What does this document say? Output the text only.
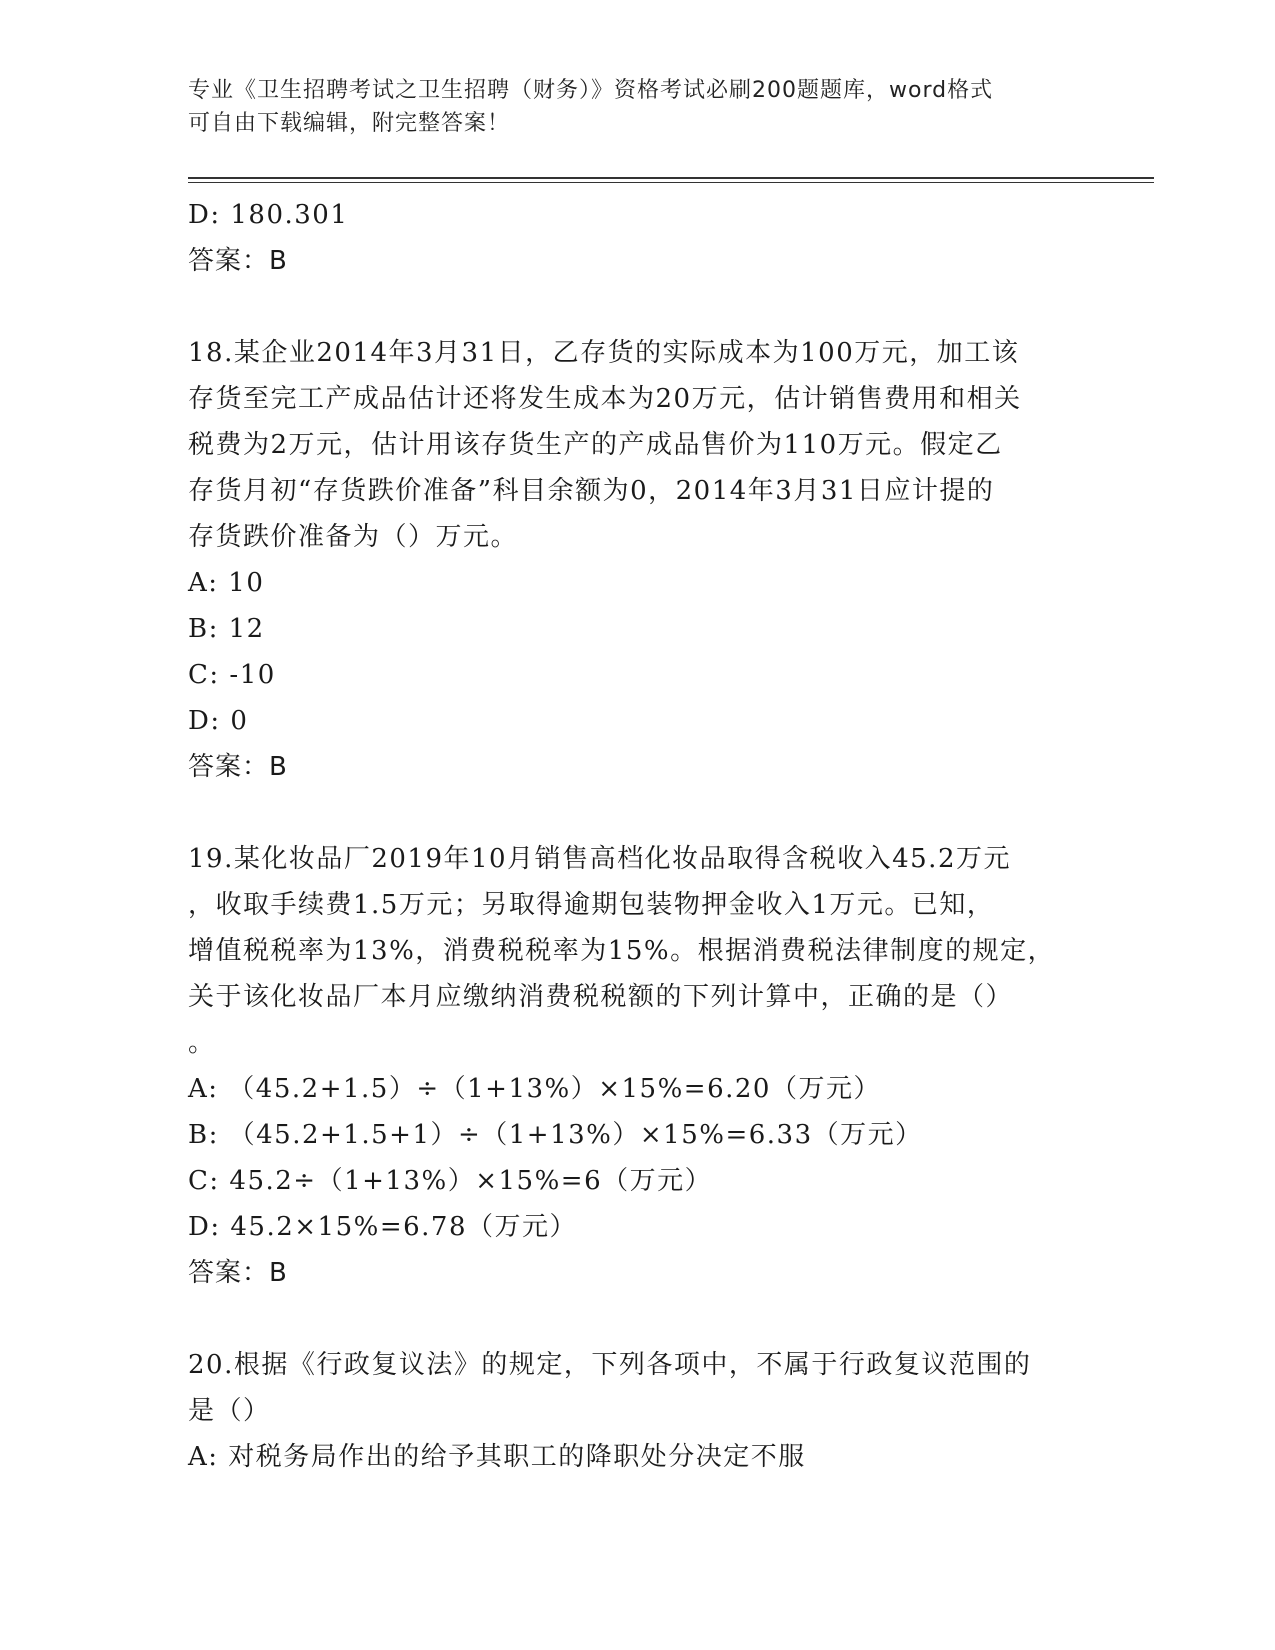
专业《卫生招聘考试之卫生招聘（财务）》资格考试必刷200题题库，word格式
可自由下载编辑，附完整答案！
D: 180.301
答案：B
18.某企业2014年3月31日，乙存货的实际成本为100万元，加工该
存货至完工产成品估计还将发生成本为20万元，估计销售费用和相关
税费为2万元，估计用该存货生产的产成品售价为110万元。假定乙
存货月初“存货跌价准备”科目余额为0，2014年3月31日应计提的
存货跌价准备为（）万元。
A: 10
B: 12
C: -10
D: 0
答案：B
19.某化妆品厂2019年10月销售高档化妆品取得含税收入45.2万元
，收取手续费1.5万元；另取得逾期包装物押金收入1万元。已知，
增值税税率为13%，消费税税率为15%。根据消费税法律制度的规定，
关于该化妆品厂本月应缴纳消费税税额的下列计算中，正确的是（）
。
A: （45.2+1.5）÷（1+13%）×15%=6.20（万元）
B: （45.2+1.5+1）÷（1+13%）×15%=6.33（万元）
C: 45.2÷（1+13%）×15%=6（万元）
D: 45.2×15%=6.78（万元）
答案：B
20.根据《行政复议法》的规定，下列各项中，不属于行政复议范围的
是（）
A: 对税务局作出的给予其职工的降职处分决定不服
